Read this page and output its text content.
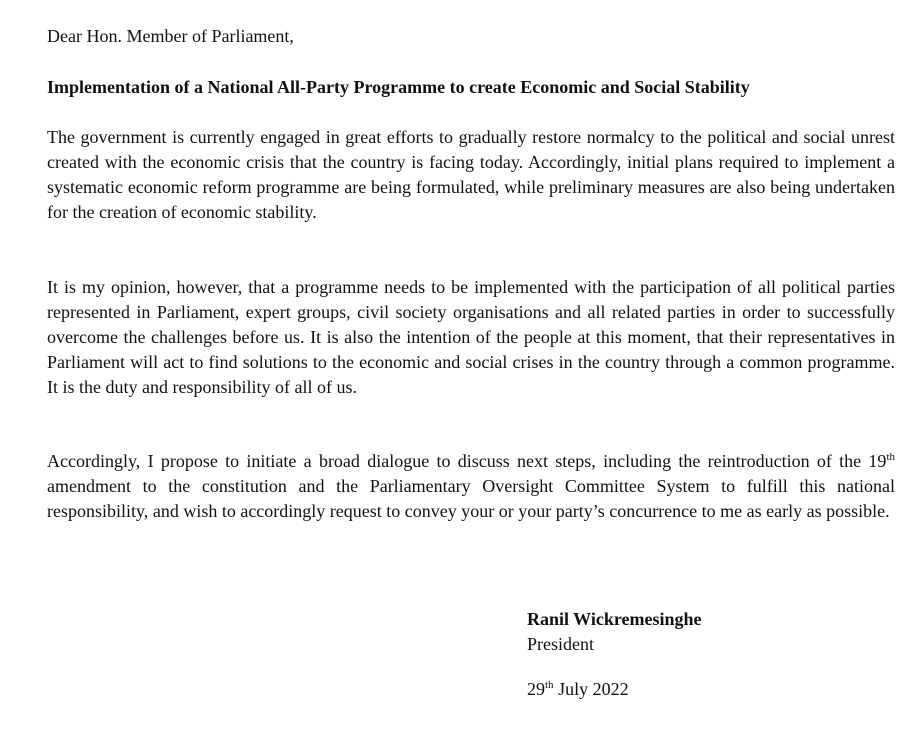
Dear Hon. Member of Parliament,

Implementation of a National All-Party Programme to create Economic and Social Stability

The government is currently engaged in great efforts to gradually restore normalcy to the political and social unrest created with the economic crisis that the country is facing today. Accordingly, initial plans required to implement a systematic economic reform programme are being formulated, while preliminary measures are also being undertaken for the creation of economic stability.

It is my opinion, however, that a programme needs to be implemented with the participation of all political parties represented in Parliament, expert groups, civil society organisations and all related parties in order to successfully overcome the challenges before us. It is also the intention of the people at this moment, that their representatives in Parliament will act to find solutions to the economic and social crises in the country through a common programme. It is the duty and responsibility of all of us.

Accordingly, I propose to initiate a broad dialogue to discuss next steps, including the reintroduction of the 19th amendment to the constitution and the Parliamentary Oversight Committee System to fulfill this national responsibility, and wish to accordingly request to convey your or your party’s concurrence to me as early as possible.

Ranil Wickremesinghe
President
29th July 2022
